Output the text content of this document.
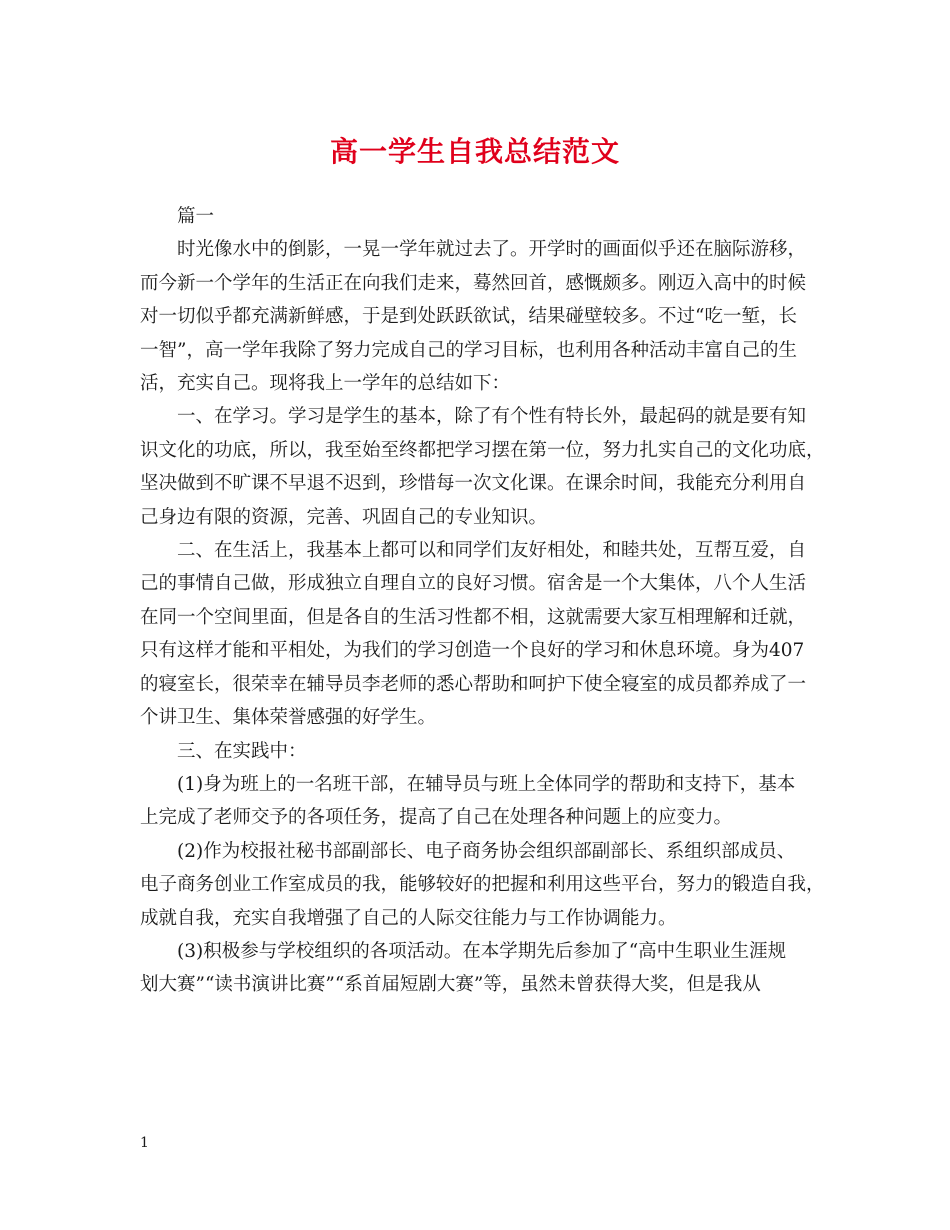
高一学生自我总结范文
篇一
时光像水中的倒影，一晃一学年就过去了。开学时的画面似乎还在脑际游移，
而今新一个学年的生活正在向我们走来，蓦然回首，感慨颇多。刚迈入高中的时候
对一切似乎都充满新鲜感，于是到处跃跃欲试，结果碰壁较多。不过“吃一堑，长
一智”，高一学年我除了努力完成自己的学习目标，也利用各种活动丰富自己的生
活，充实自己。现将我上一学年的总结如下：
一、在学习。学习是学生的基本，除了有个性有特长外，最起码的就是要有知
识文化的功底，所以，我至始至终都把学习摆在第一位，努力扎实自己的文化功底，
坚决做到不旷课不早退不迟到，珍惜每一次文化课。在课余时间，我能充分利用自
己身边有限的资源，完善、巩固自己的专业知识。
二、在生活上，我基本上都可以和同学们友好相处，和睦共处，互帮互爱，自
己的事情自己做，形成独立自理自立的良好习惯。宿舍是一个大集体，八个人生活
在同一个空间里面，但是各自的生活习性都不相，这就需要大家互相理解和迁就，
只有这样才能和平相处，为我们的学习创造一个良好的学习和休息环境。身为407
的寝室长，很荣幸在辅导员李老师的悉心帮助和呵护下使全寝室的成员都养成了一
个讲卫生、集体荣誉感强的好学生。
三、在实践中：
(1)身为班上的一名班干部，在辅导员与班上全体同学的帮助和支持下，基本
上完成了老师交予的各项任务，提高了自己在处理各种问题上的应变力。
(2)作为校报社秘书部副部长、电子商务协会组织部副部长、系组织部成员、
电子商务创业工作室成员的我，能够较好的把握和利用这些平台，努力的锻造自我，
成就自我，充实自我增强了自己的人际交往能力与工作协调能力。
(3)积极参与学校组织的各项活动。在本学期先后参加了“高中生职业生涯规
划大赛”“读书演讲比赛”“系首届短剧大赛”等，虽然未曾获得大奖，但是我从
1
